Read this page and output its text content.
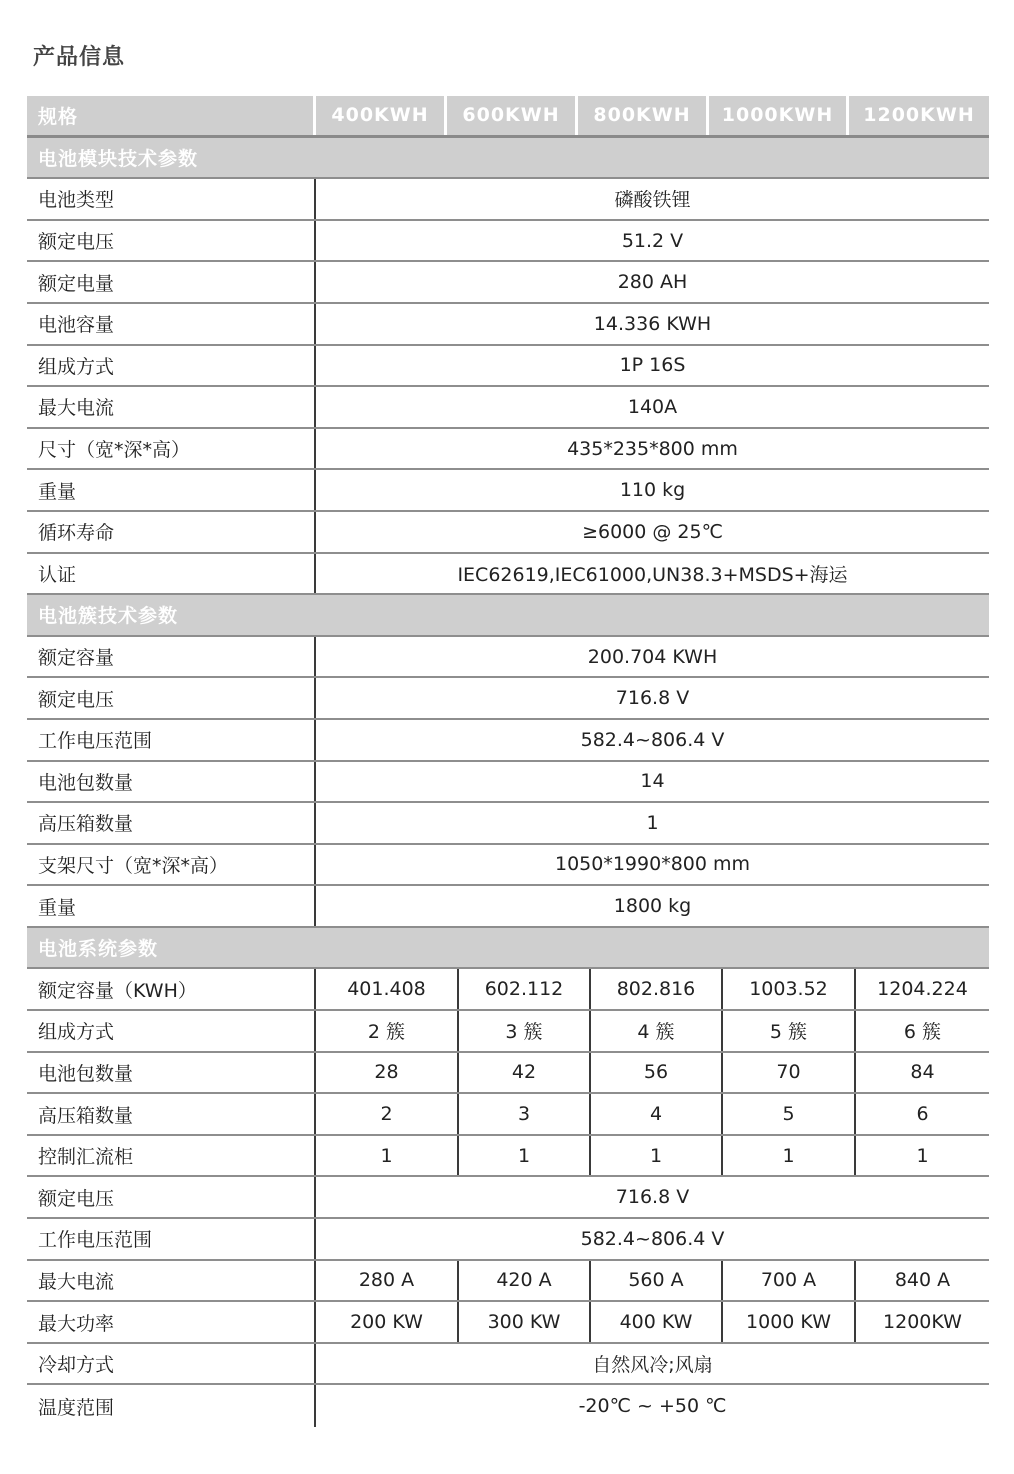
产品信息
规格	400KWH	600KWH	800KWH	1000KWH	1200KWH
电池模块技术参数
电池类型	磷酸铁锂
额定电压	51.2 V
额定电量	280 AH
电池容量	14.336 KWH
组成方式	1P 16S
最大电流	140A
尺寸（宽*深*高）	435*235*800 mm
重量	110 kg
循环寿命	≥6000 @ 25℃
认证	IEC62619,IEC61000,UN38.3+MSDS+海运
电池簇技术参数
额定容量	200.704 KWH
额定电压	716.8 V
工作电压范围	582.4~806.4 V
电池包数量	14
高压箱数量	1
支架尺寸（宽*深*高）	1050*1990*800 mm
重量	1800 kg
电池系统参数
额定容量（KWH）	401.408	602.112	802.816	1003.52	1204.224
组成方式	2 簇	3 簇	4 簇	5 簇	6 簇
电池包数量	28	42	56	70	84
高压箱数量	2	3	4	5	6
控制汇流柜	1	1	1	1	1
额定电压	716.8 V
工作电压范围	582.4~806.4 V
最大电流	280 A	420 A	560 A	700 A	840 A
最大功率	200 KW	300 KW	400 KW	1000 KW	1200KW
冷却方式	自然风冷;风扇
温度范围	-20℃ ~ +50 ℃
